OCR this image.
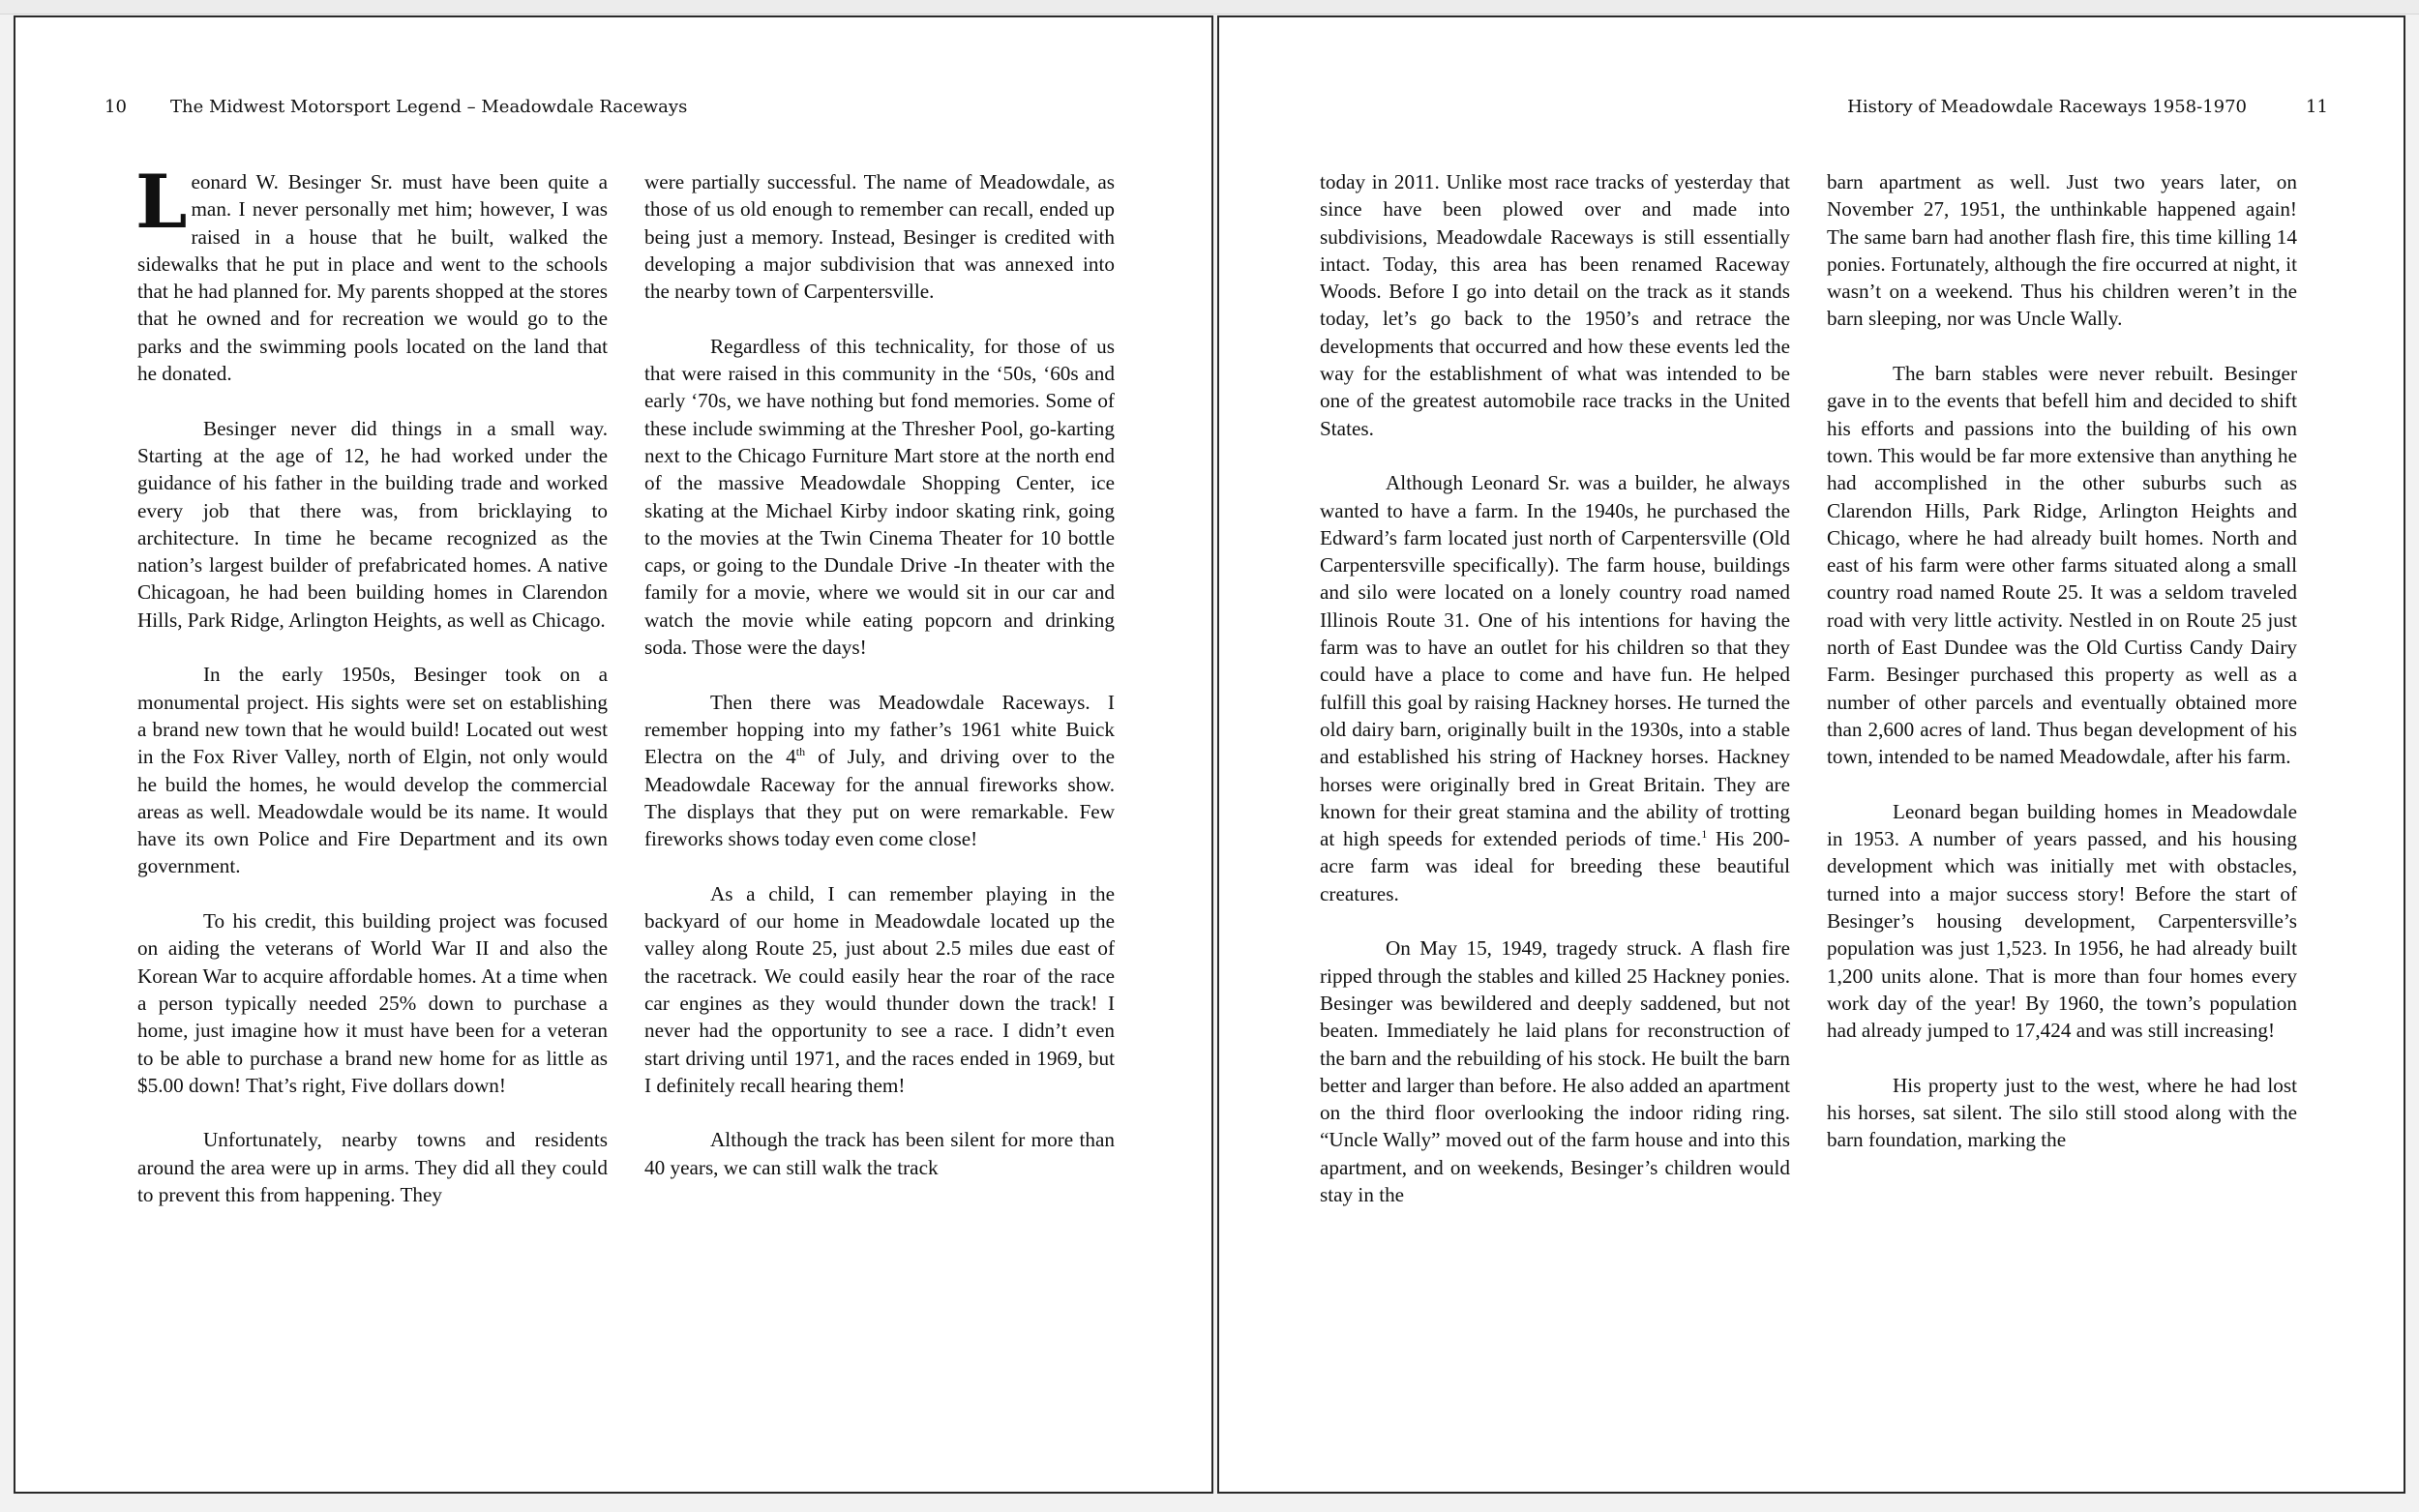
10	The Midwest Motorsport Legend – Meadowdale Raceways

Leonard W. Besinger Sr. must have been quite a man. I never personally met him; however, I was raised in a house that he built, walked the sidewalks that he put in place and went to the schools that he had planned for. My parents shopped at the stores that he owned and for recreation we would go to the parks and the swimming pools located on the land that he donated.

Besinger never did things in a small way. Starting at the age of 12, he had worked under the guidance of his father in the building trade and worked every job that there was, from bricklaying to architecture. In time he became recognized as the nation’s largest builder of prefabricated homes. A native Chicagoan, he had been building homes in Clarendon Hills, Park Ridge, Arlington Heights, as well as Chicago.

In the early 1950s, Besinger took on a monumental project. His sights were set on establishing a brand new town that he would build! Located out west in the Fox River Valley, north of Elgin, not only would he build the homes, he would develop the commercial areas as well. Meadowdale would be its name. It would have its own Police and Fire Department and its own government.

To his credit, this building project was focused on aiding the veterans of World War II and also the Korean War to acquire affordable homes. At a time when a person typically needed 25% down to purchase a home, just imagine how it must have been for a veteran to be able to purchase a brand new home for as little as $5.00 down! That’s right, Five dollars down!

Unfortunately, nearby towns and residents around the area were up in arms. They did all they could to prevent this from happening. They

were partially successful. The name of Meadowdale, as those of us old enough to remember can recall, ended up being just a memory. Instead, Besinger is credited with developing a major subdivision that was annexed into the nearby town of Carpentersville.

Regardless of this technicality, for those of us that were raised in this community in the ‘50s, ‘60s and early ‘70s, we have nothing but fond memories. Some of these include swimming at the Thresher Pool, go-karting next to the Chicago Furniture Mart store at the north end of the massive Meadowdale Shopping Center, ice skating at the Michael Kirby indoor skating rink, going to the movies at the Twin Cinema Theater for 10 bottle caps, or going to the Dundale Drive -In theater with the family for a movie, where we would sit in our car and watch the movie while eating popcorn and drinking soda. Those were the days!

Then there was Meadowdale Raceways. I remember hopping into my father’s 1961 white Buick Electra on the 4th of July, and driving over to the Meadowdale Raceway for the annual fireworks show. The displays that they put on were remarkable. Few fireworks shows today even come close!

As a child, I can remember playing in the backyard of our home in Meadowdale located up the valley along Route 25, just about 2.5 miles due east of the racetrack. We could easily hear the roar of the race car engines as they would thunder down the track! I never had the opportunity to see a race. I didn’t even start driving until 1971, and the races ended in 1969, but I definitely recall hearing them!

Although the track has been silent for more than 40 years, we can still walk the track

History of Meadowdale Raceways 1958-1970	11

today in 2011. Unlike most race tracks of yesterday that since have been plowed over and made into subdivisions, Meadowdale Raceways is still essentially intact. Today, this area has been renamed Raceway Woods. Before I go into detail on the track as it stands today, let’s go back to the 1950’s and retrace the developments that occurred and how these events led the way for the establishment of what was intended to be one of the greatest automobile race tracks in the United States.

Although Leonard Sr. was a builder, he always wanted to have a farm. In the 1940s, he purchased the Edward’s farm located just north of Carpentersville (Old Carpentersville specifically). The farm house, buildings and silo were located on a lonely country road named Illinois Route 31. One of his intentions for having the farm was to have an outlet for his children so that they could have a place to come and have fun. He helped fulfill this goal by raising Hackney horses. He turned the old dairy barn, originally built in the 1930s, into a stable and established his string of Hackney horses. Hackney horses were originally bred in Great Britain. They are known for their great stamina and the ability of trotting at high speeds for extended periods of time.$^1$ His 200-acre farm was ideal for breeding these beautiful creatures.

On May 15, 1949, tragedy struck. A flash fire ripped through the stables and killed 25 Hackney ponies. Besinger was bewildered and deeply saddened, but not beaten. Immediately he laid plans for reconstruction of the barn and the rebuilding of his stock. He built the barn better and larger than before. He also added an apartment on the third floor overlooking the indoor riding ring. “Uncle Wally” moved out of the farm house and into this apartment, and on weekends, Besinger’s children would stay in the

barn apartment as well. Just two years later, on November 27, 1951, the unthinkable happened again! The same barn had another flash fire, this time killing 14 ponies. Fortunately, although the fire occurred at night, it wasn’t on a weekend. Thus his children weren’t in the barn sleeping, nor was Uncle Wally.

The barn stables were never rebuilt. Besinger gave in to the events that befell him and decided to shift his efforts and passions into the building of his own town. This would be far more extensive than anything he had accomplished in the other suburbs such as Clarendon Hills, Park Ridge, Arlington Heights and Chicago, where he had already built homes. North and east of his farm were other farms situated along a small country road named Route 25. It was a seldom traveled road with very little activity. Nestled in on Route 25 just north of East Dundee was the Old Curtiss Candy Dairy Farm. Besinger purchased this property as well as a number of other parcels and eventually obtained more than 2,600 acres of land. Thus began development of his town, intended to be named Meadowdale, after his farm.

Leonard began building homes in Meadowdale in 1953. A number of years passed, and his housing development which was initially met with obstacles, turned into a major success story! Before the start of Besinger’s housing development, Carpentersville’s population was just 1,523. In 1956, he had already built 1,200 units alone. That is more than four homes every work day of the year! By 1960, the town’s population had already jumped to 17,424 and was still increasing!

His property just to the west, where he had lost his horses, sat silent. The silo still stood along with the barn foundation, marking the
